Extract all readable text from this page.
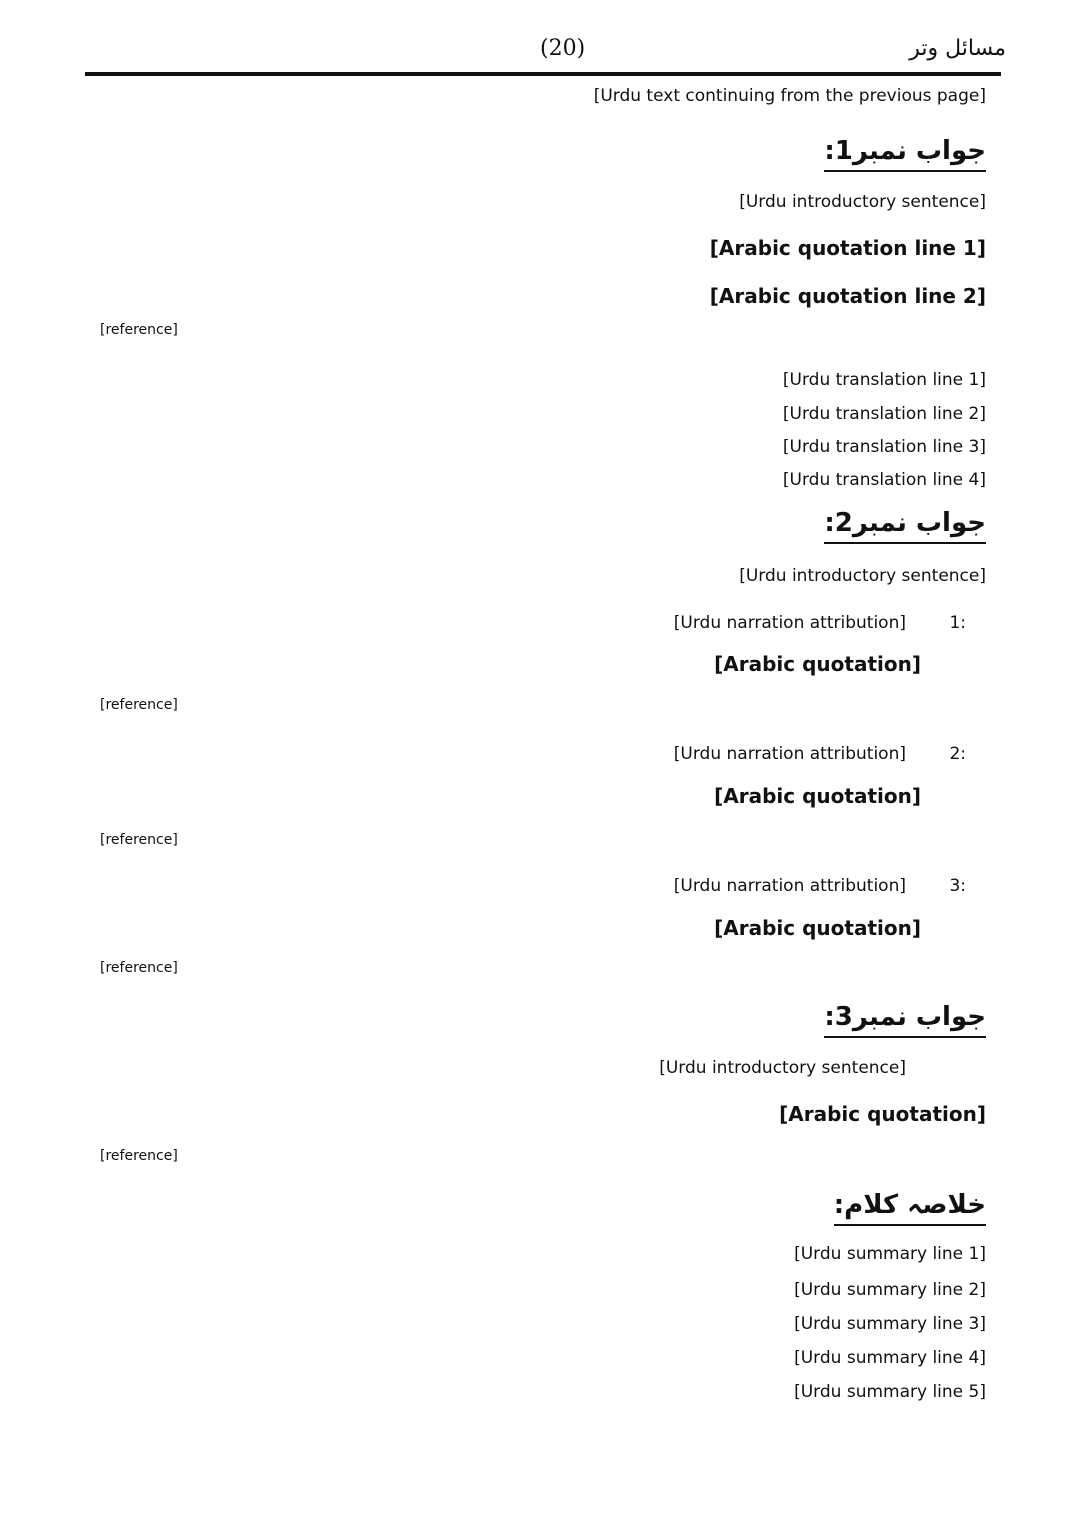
مسائل وتر
(20)
[Urdu text continuing from the previous page]
جواب نمبر1:
[Urdu introductory sentence]
[Arabic quotation line 1]
[Arabic quotation line 2]
[reference]
[Urdu translation line 1]
[Urdu translation line 2]
[Urdu translation line 3]
[Urdu translation line 4]
جواب نمبر2:
[Urdu introductory sentence]
1:
[Urdu narration attribution]
[Arabic quotation]
[reference]
2:
[Urdu narration attribution]
[Arabic quotation]
[reference]
3:
[Urdu narration attribution]
[Arabic quotation]
[reference]
جواب نمبر3:
[Urdu introductory sentence]
[Arabic quotation]
[reference]
خلاصہ کلام:
[Urdu summary line 1]
[Urdu summary line 2]
[Urdu summary line 3]
[Urdu summary line 4]
[Urdu summary line 5]
